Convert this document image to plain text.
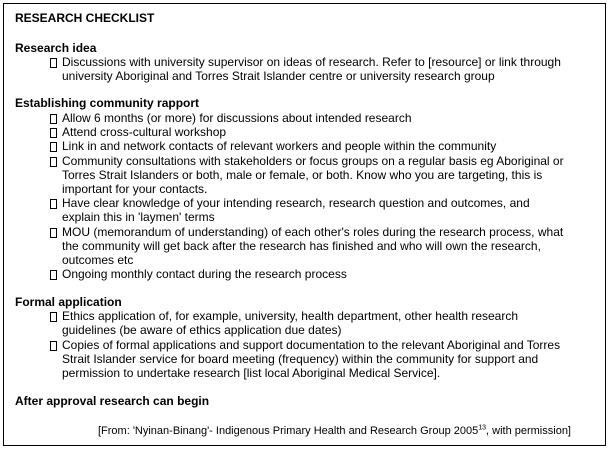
RESEARCH CHECKLIST
Research idea
Discussions with university supervisor on ideas of research. Refer to [resource] or link through
university Aboriginal and Torres Strait Islander centre or university research group
Establishing community rapport
Allow 6 months (or more) for discussions about intended research
Attend cross-cultural workshop
Link in and network contacts of relevant workers and people within the community
Community consultations with stakeholders or focus groups on a regular basis eg Aboriginal or
Torres Strait Islanders or both, male or female, or both. Know who you are targeting, this is
important for your contacts.
Have clear knowledge of your intending research, research question and outcomes, and
explain this in 'laymen' terms
MOU (memorandum of understanding) of each other's roles during the research process, what
the community will get back after the research has finished and who will own the research,
outcomes etc
Ongoing monthly contact during the research process
Formal application
Ethics application of, for example, university, health department, other health research
guidelines (be aware of ethics application due dates)
Copies of formal applications and support documentation to the relevant Aboriginal and Torres
Strait Islander service for board meeting (frequency) within the community for support and
permission to undertake research [list local Aboriginal Medical Service].
After approval research can begin
[From: 'Nyinan-Binang'- Indigenous Primary Health and Research Group 2005$^{13}$, with permission]
